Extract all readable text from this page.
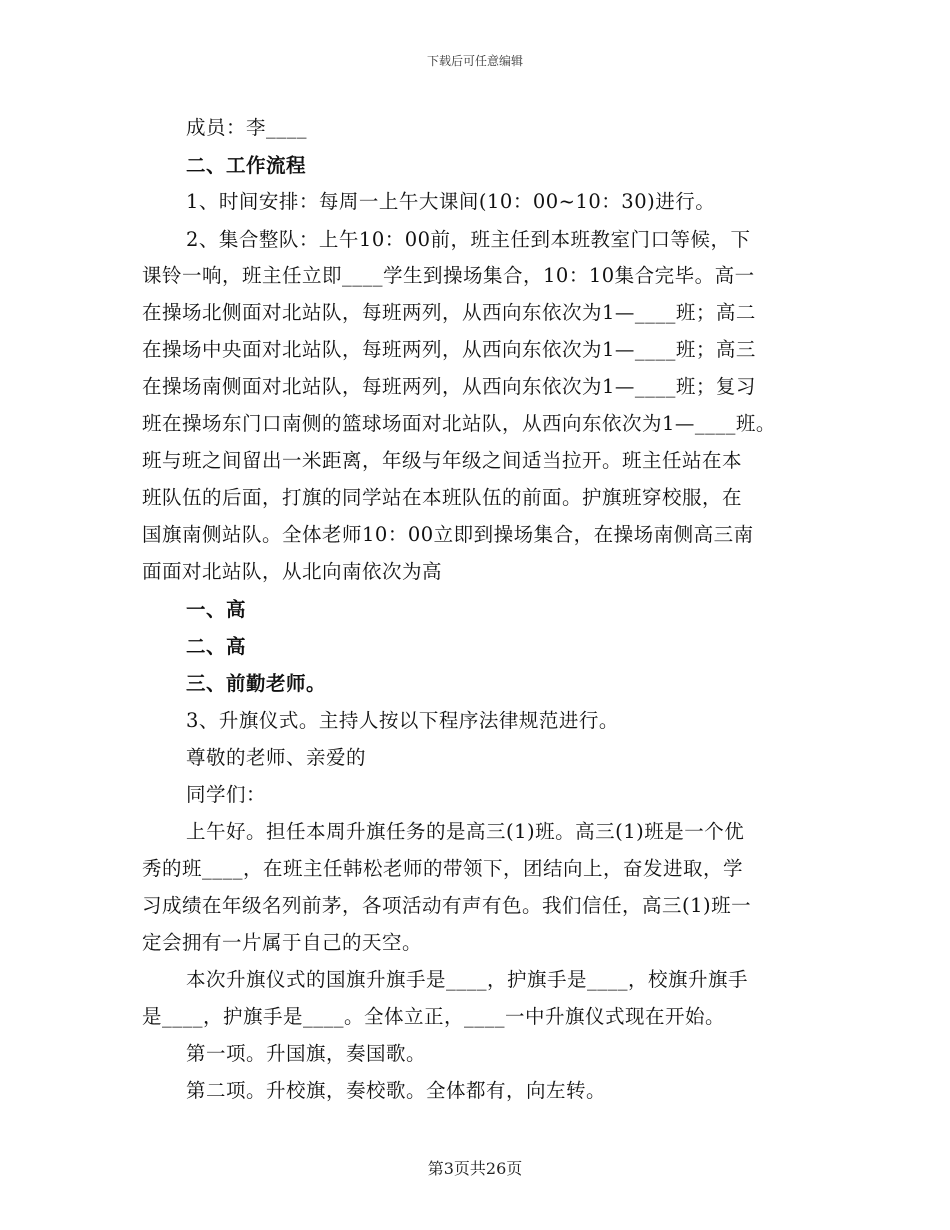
下载后可任意编辑
成员：李____
二、工作流程
1、时间安排：每周一上午大课间(10：00~10：30)进行。
2、集合整队：上午10：00前，班主任到本班教室门口等候，下
课铃一响，班主任立即____学生到操场集合，10：10集合完毕。高一
在操场北侧面对北站队，每班两列，从西向东依次为1—____班；高二
在操场中央面对北站队，每班两列，从西向东依次为1—____班；高三
在操场南侧面对北站队，每班两列，从西向东依次为1—____班；复习
班在操场东门口南侧的篮球场面对北站队，从西向东依次为1—____班。
班与班之间留出一米距离，年级与年级之间适当拉开。班主任站在本
班队伍的后面，打旗的同学站在本班队伍的前面。护旗班穿校服，在
国旗南侧站队。全体老师10：00立即到操场集合，在操场南侧高三南
面面对北站队，从北向南依次为高
一、高
二、高
三、前勤老师。
3、升旗仪式。主持人按以下程序法律规范进行。
尊敬的老师、亲爱的
同学们：
上午好。担任本周升旗任务的是高三(1)班。高三(1)班是一个优
秀的班____，在班主任韩松老师的带领下，团结向上，奋发进取，学
习成绩在年级名列前茅，各项活动有声有色。我们信任，高三(1)班一
定会拥有一片属于自己的天空。
本次升旗仪式的国旗升旗手是____，护旗手是____，校旗升旗手
是____，护旗手是____。全体立正，____一中升旗仪式现在开始。
第一项。升国旗，奏国歌。
第二项。升校旗，奏校歌。全体都有，向左转。
第3页共26页
